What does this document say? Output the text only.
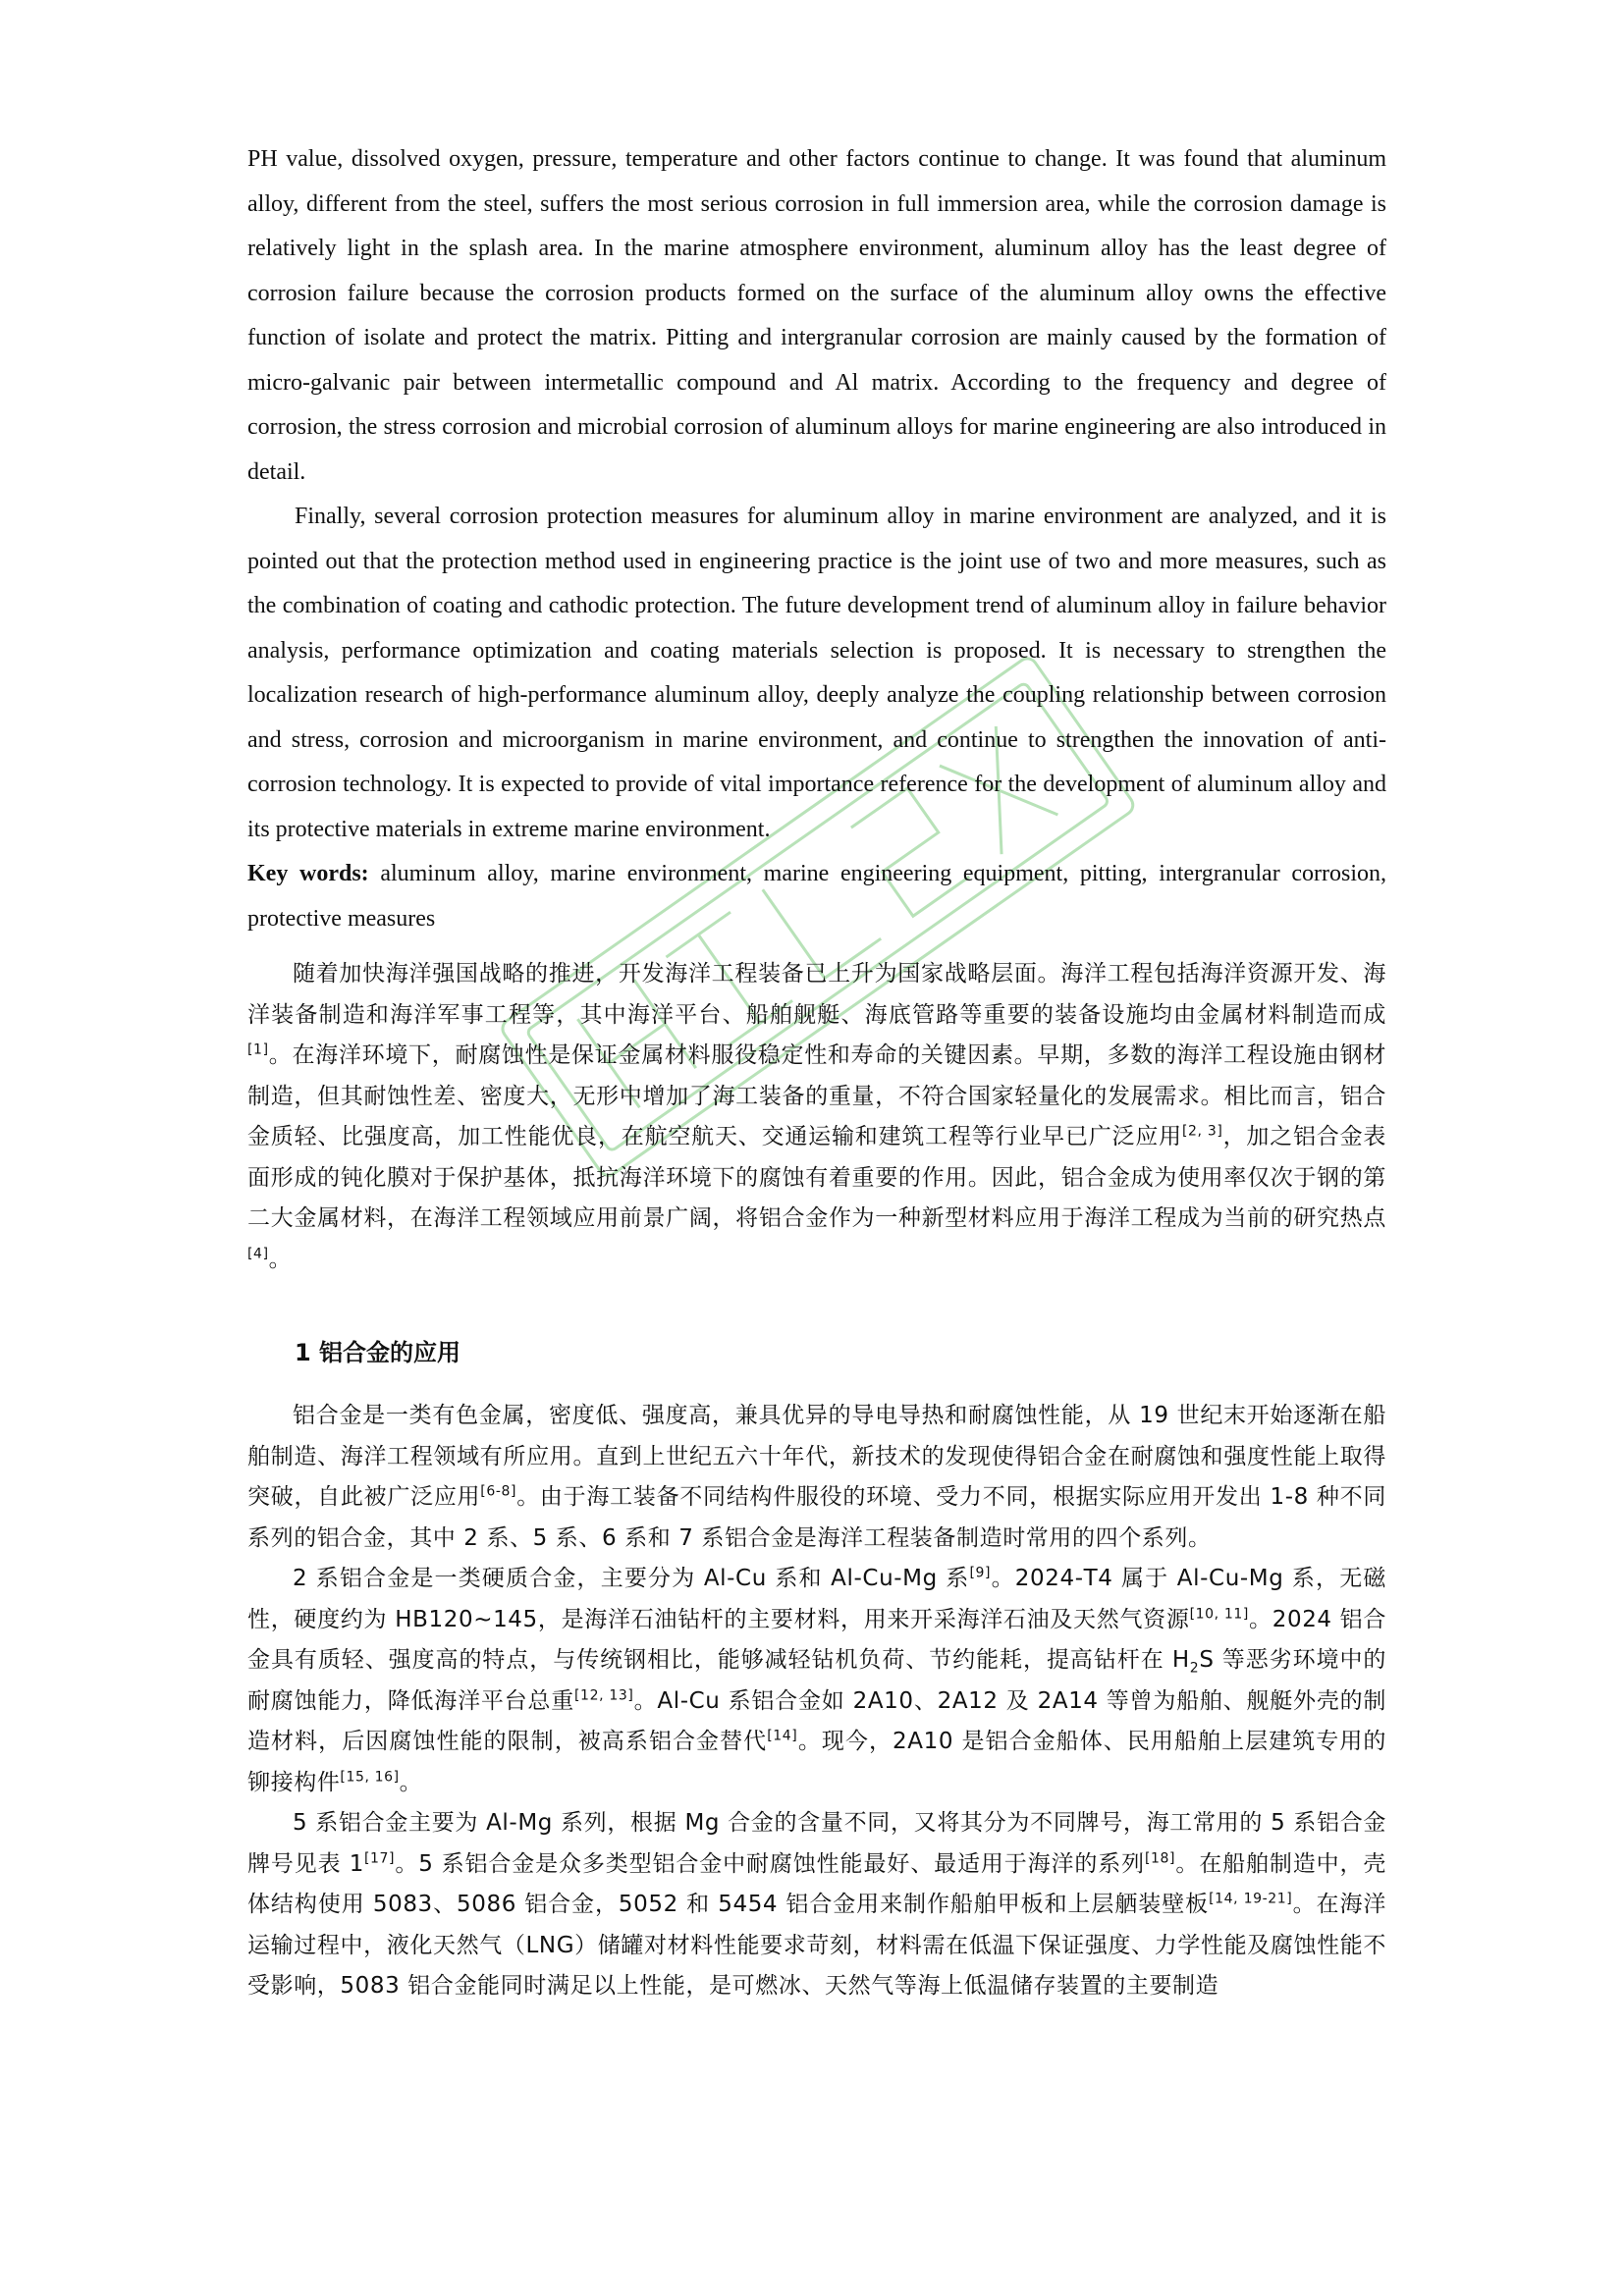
PH value, dissolved oxygen, pressure, temperature and other factors continue to change. It was found that aluminum alloy, different from the steel, suffers the most serious corrosion in full immersion area, while the corrosion damage is relatively light in the splash area. In the marine atmosphere environment, aluminum alloy has the least degree of corrosion failure because the corrosion products formed on the surface of the aluminum alloy owns the effective function of isolate and protect the matrix. Pitting and intergranular corrosion are mainly caused by the formation of micro-galvanic pair between intermetallic compound and Al matrix. According to the frequency and degree of corrosion, the stress corrosion and microbial corrosion of aluminum alloys for marine engineering are also introduced in detail.

Finally, several corrosion protection measures for aluminum alloy in marine environment are analyzed, and it is pointed out that the protection method used in engineering practice is the joint use of two and more measures, such as the combination of coating and cathodic protection. The future development trend of aluminum alloy in failure behavior analysis, performance optimization and coating materials selection is proposed. It is necessary to strengthen the localization research of high-performance aluminum alloy, deeply analyze the coupling relationship between corrosion and stress, corrosion and microorganism in marine environment, and continue to strengthen the innovation of anti-corrosion technology. It is expected to provide of vital importance reference for the development of aluminum alloy and its protective materials in extreme marine environment.

Key words: aluminum alloy, marine environment, marine engineering equipment, pitting, intergranular corrosion, protective measures

随着加快海洋强国战略的推进，开发海洋工程装备已上升为国家战略层面。海洋工程包括海洋资源开发、海洋装备制造和海洋军事工程等，其中海洋平台、船舶舰艇、海底管路等重要的装备设施均由金属材料制造而成[1]。在海洋环境下，耐腐蚀性是保证金属材料服役稳定性和寿命的关键因素。早期，多数的海洋工程设施由钢材制造，但其耐蚀性差、密度大，无形中增加了海工装备的重量，不符合国家轻量化的发展需求。相比而言，铝合金质轻、比强度高，加工性能优良，在航空航天、交通运输和建筑工程等行业早已广泛应用[2, 3]，加之铝合金表面形成的钝化膜对于保护基体，抵抗海洋环境下的腐蚀有着重要的作用。因此，铝合金成为使用率仅次于钢的第二大金属材料，在海洋工程领域应用前景广阔，将铝合金作为一种新型材料应用于海洋工程成为当前的研究热点[4]。

1 铝合金的应用

铝合金是一类有色金属，密度低、强度高，兼具优异的导电导热和耐腐蚀性能，从 19 世纪末开始逐渐在船舶制造、海洋工程领域有所应用。直到上世纪五六十年代，新技术的发现使得铝合金在耐腐蚀和强度性能上取得突破，自此被广泛应用[6-8]。由于海工装备不同结构件服役的环境、受力不同，根据实际应用开发出 1-8 种不同系列的铝合金，其中 2 系、5 系、6 系和 7 系铝合金是海洋工程装备制造时常用的四个系列。

2 系铝合金是一类硬质合金，主要分为 Al-Cu 系和 Al-Cu-Mg 系[9]。2024-T4 属于 Al-Cu-Mg 系，无磁性，硬度约为 HB120~145，是海洋石油钻杆的主要材料，用来开采海洋石油及天然气资源[10, 11]。2024 铝合金具有质轻、强度高的特点，与传统钢相比，能够减轻钻机负荷、节约能耗，提高钻杆在 $H_2S$ 等恶劣环境中的耐腐蚀能力，降低海洋平台总重[12, 13]。Al-Cu 系铝合金如 2A10、2A12 及 2A14 等曾为船舶、舰艇外壳的制造材料，后因腐蚀性能的限制，被高系铝合金替代[14]。现今，2A10 是铝合金船体、民用船舶上层建筑专用的铆接构件[15, 16]。

5 系铝合金主要为 Al-Mg 系列，根据 Mg 合金的含量不同，又将其分为不同牌号，海工常用的 5 系铝合金牌号见表 1[17]。5 系铝合金是众多类型铝合金中耐腐蚀性能最好、最适用于海洋的系列[18]。在船舶制造中，壳体结构使用 5083、5086 铝合金，5052 和 5454 铝合金用来制作船舶甲板和上层舾装壁板[14, 19-21]。在海洋运输过程中，液化天然气（LNG）储罐对材料性能要求苛刻，材料需在低温下保证强度、力学性能及腐蚀性能不受影响，5083 铝合金能同时满足以上性能，是可燃冰、天然气等海上低温储存装置的主要制造
